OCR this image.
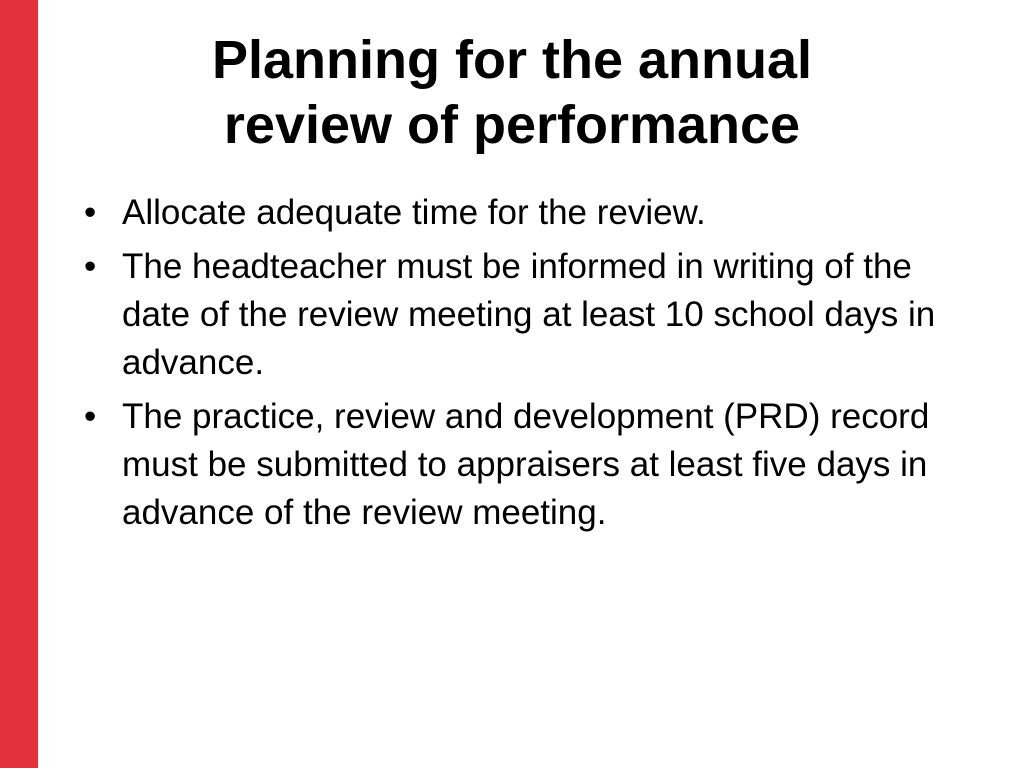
Planning for the annual
review of performance
• Allocate adequate time for the review.
• The headteacher must be informed in writing of the date of the review meeting at least 10 school days in advance.
• The practice, review and development (PRD) record must be submitted to appraisers at least five days in advance of the review meeting.
